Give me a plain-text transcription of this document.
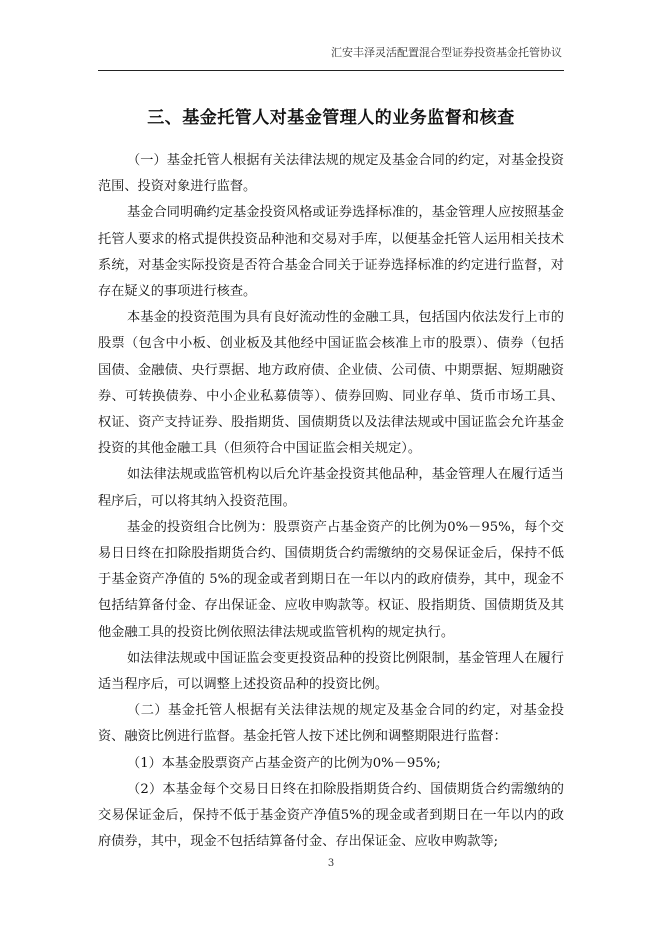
汇安丰泽灵活配置混合型证券投资基金托管协议
三、基金托管人对基金管理人的业务监督和核查

（一）基金托管人根据有关法律法规的规定及基金合同的约定，对基金投资范围、投资对象进行监督。

基金合同明确约定基金投资风格或证券选择标准的，基金管理人应按照基金托管人要求的格式提供投资品种池和交易对手库，以便基金托管人运用相关技术系统，对基金实际投资是否符合基金合同关于证券选择标准的约定进行监督，对存在疑义的事项进行核查。

本基金的投资范围为具有良好流动性的金融工具，包括国内依法发行上市的股票（包含中小板、创业板及其他经中国证监会核准上市的股票）、债券（包括国债、金融债、央行票据、地方政府债、企业债、公司债、中期票据、短期融资券、可转换债券、中小企业私募债等）、债券回购、同业存单、货币市场工具、权证、资产支持证券、股指期货、国债期货以及法律法规或中国证监会允许基金投资的其他金融工具（但须符合中国证监会相关规定）。

如法律法规或监管机构以后允许基金投资其他品种，基金管理人在履行适当程序后，可以将其纳入投资范围。

基金的投资组合比例为：股票资产占基金资产的比例为0%－95%，每个交易日日终在扣除股指期货合约、国债期货合约需缴纳的交易保证金后，保持不低于基金资产净值的 5%的现金或者到期日在一年以内的政府债券，其中，现金不包括结算备付金、存出保证金、应收申购款等。权证、股指期货、国债期货及其他金融工具的投资比例依照法律法规或监管机构的规定执行。

如法律法规或中国证监会变更投资品种的投资比例限制，基金管理人在履行适当程序后，可以调整上述投资品种的投资比例。

（二）基金托管人根据有关法律法规的规定及基金合同的约定，对基金投资、融资比例进行监督。基金托管人按下述比例和调整期限进行监督：

（1）本基金股票资产占基金资产的比例为0%－95%;

（2）本基金每个交易日日终在扣除股指期货合约、国债期货合约需缴纳的交易保证金后，保持不低于基金资产净值5%的现金或者到期日在一年以内的政府债券，其中，现金不包括结算备付金、存出保证金、应收申购款等;

3
